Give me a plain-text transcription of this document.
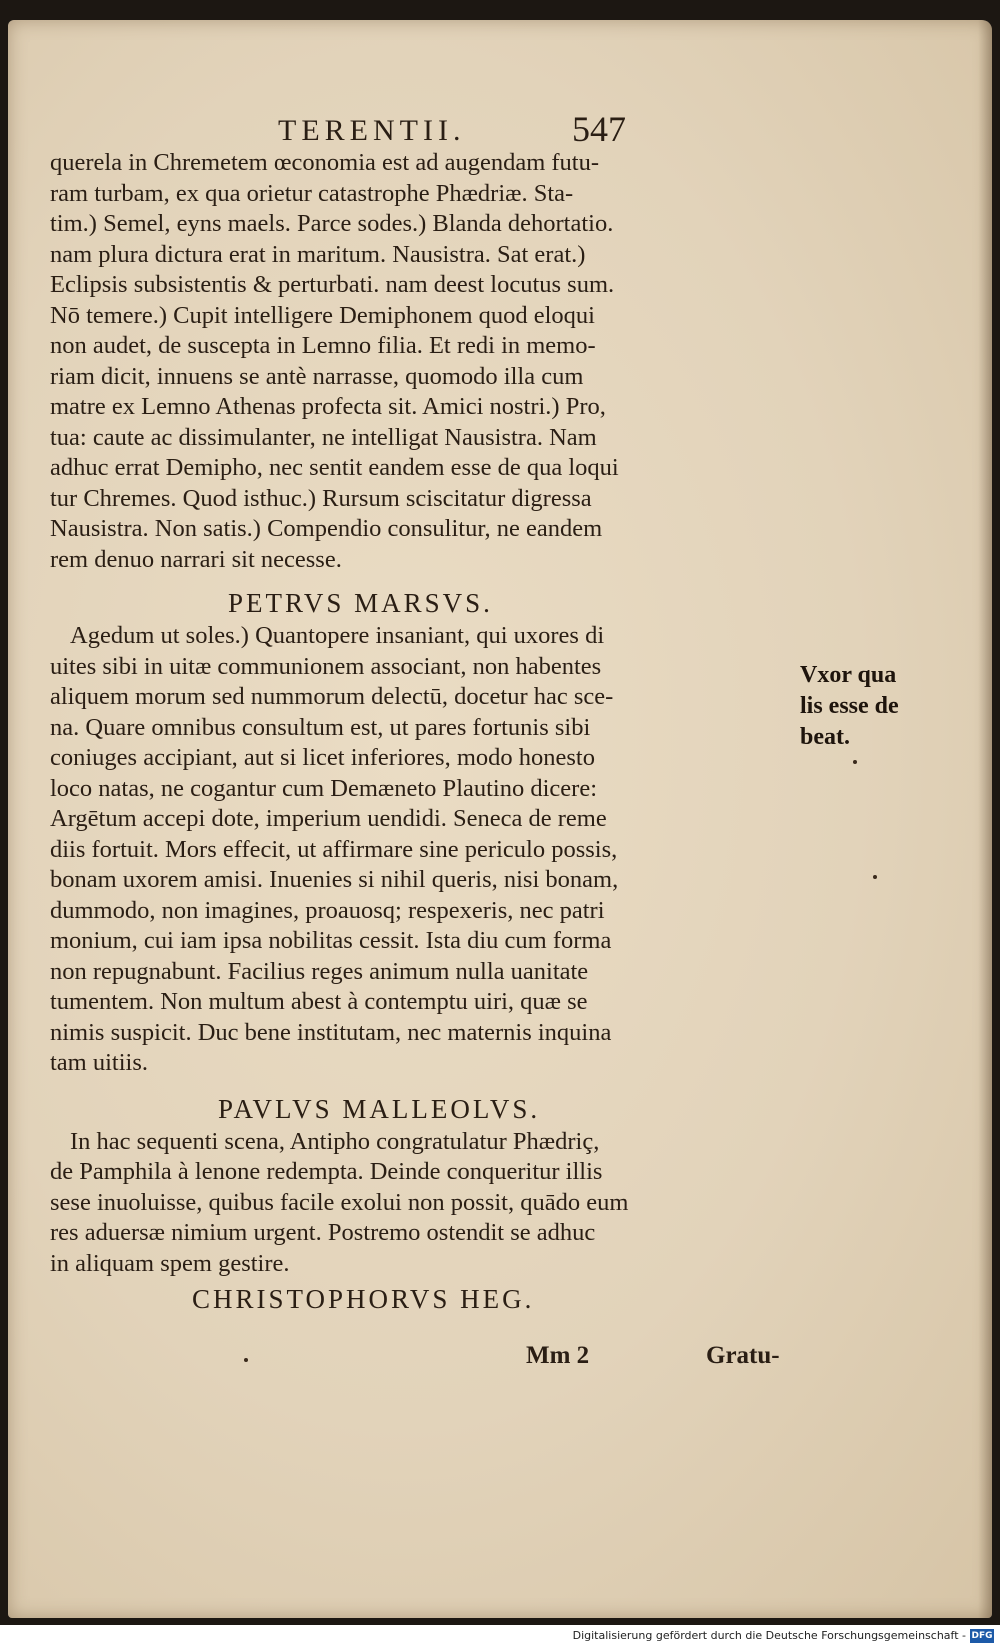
TERENTII.	547
querela in Chremetem œconomia est ad augendam futu-
ram turbam, ex qua orietur catastrophe Phædriæ. Sta-
tim.) Semel, eyns maels. Parce sodes.) Blanda dehortatio.
nam plura dictura erat in maritum. Nausistra. Sat erat.)
Eclipsis subsistentis & perturbati. nam deest locutus sum.
Nō temere.) Cupit intelligere Demiphonem quod eloqui
non audet, de suscepta in Lemno filia. Et redi in memo-
riam dicit, innuens se antè narrasse, quomodo illa cum
matre ex Lemno Athenas profecta sit. Amici nostri.) Pro,
tua: caute ac dissimulanter, ne intelligat Nausistra. Nam
adhuc errat Demipho, nec sentit eandem esse de qua loqui
tur Chremes. Quod isthuc.) Rursum sciscitatur digressa
Nausistra. Non satis.) Compendio consulitur, ne eandem
rem denuo narrari sit necesse.
PETRVS MARSVS.
Agedum ut soles.) Quantopere insaniant, qui uxores di
uites sibi in uitæ communionem associant, non habentes
aliquem morum sed nummorum delectū, docetur hac sce-
na. Quare omnibus consultum est, ut pares fortunis sibi
coniuges accipiant, aut si licet inferiores, modo honesto
loco natas, ne cogantur cum Demæneto Plautino dicere:
Argētum accepi dote, imperium uendidi. Seneca de reme
diis fortuit. Mors effecit, ut affirmare sine periculo possis,
bonam uxorem amisi. Inuenies si nihil queris, nisi bonam,
dummodo, non imagines, proauosq; respexeris, nec patri
monium, cui iam ipsa nobilitas cessit. Ista diu cum forma
non repugnabunt. Facilius reges animum nulla uanitate
tumentem. Non multum abest à contemptu uiri, quæ se
nimis suspicit. Duc bene institutam, nec maternis inquina
tam uitiis.
PAVLVS MALLEOLVS.
In hac sequenti scena, Antipho congratulatur Phædriç,
de Pamphila à lenone redempta. Deinde conqueritur illis
sese inuoluisse, quibus facile exolui non possit, quādo eum
res aduersæ nimium urgent. Postremo ostendit se adhuc
in aliquam spem gestire.
CHRISTOPHORVS HEG.
Vxor qua
lis esse de
beat.
Mm 2	Gratu-
Digitalisierung gefördert durch die Deutsche Forschungsgemeinschaft - DFG
